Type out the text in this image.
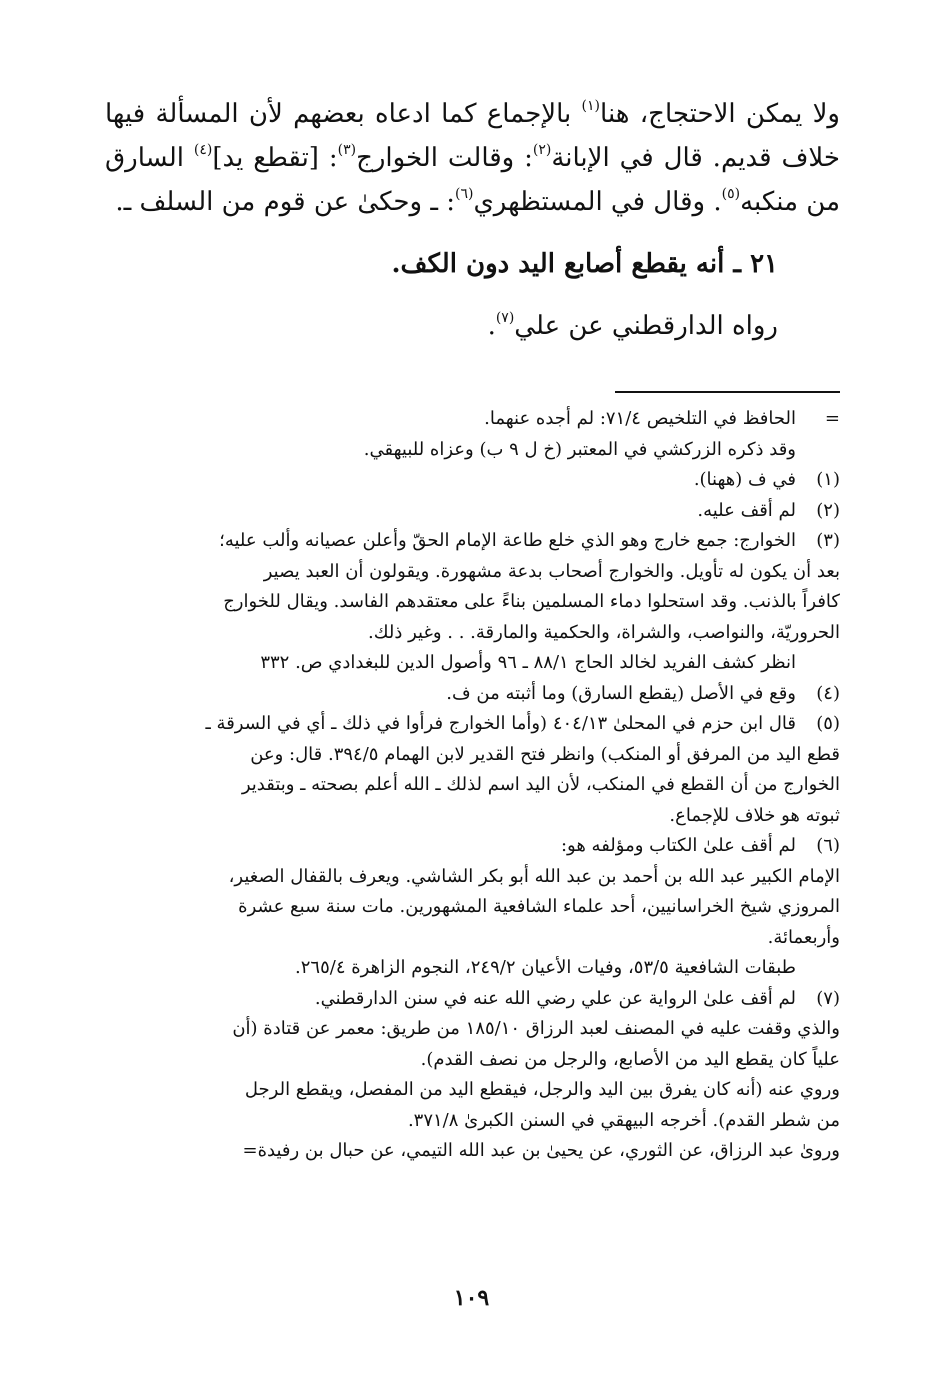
ولا يمكن الاحتجاج، هنا$^{(١)}$ بالإجماع كما ادعاه بعضهم لأن المسألة فيها خلاف قديم. قال في الإبانة$^{(٢)}$: وقالت الخوارج$^{(٣)}$: [تقطع يد]$^{(٤)}$ السارق من منكبه$^{(٥)}$. وقال في المستظهري$^{(٦)}$: ـ وحكىٰ عن قوم من السلف ـ.

٢١ ـ أنه يقطع أصابع اليد دون الكف.

رواه الدارقطني عن علي$^{(٧)}$.

=
الحافظ في التلخيص ٧١/٤: لم أجده عنهما.
وقد ذكره الزركشي في المعتبر (خ ل ٩ ب) وعزاه للبيهقي.
(١)
في ف (ههنا).
(٢)
لم أقف عليه.
(٣)
الخوارج: جمع خارج وهو الذي خلع طاعة الإمام الحقّ وأعلن عصيانه وألب عليه؛
بعد أن يكون له تأويل. والخوارج أصحاب بدعة مشهورة. ويقولون أن العبد يصير
كافراً بالذنب. وقد استحلوا دماء المسلمين بناءً على معتقدهم الفاسد. ويقال للخوارج
الحروريّة، والنواصب، والشراة، والحكمية والمارقة. . . وغير ذلك.
انظر كشف الفريد لخالد الحاج ٨٨/١ ـ ٩٦ وأصول الدين للبغدادي ص. ٣٣٢
(٤)
وقع في الأصل (يقطع السارق) وما أثبته من ف.
(٥)
قال ابن حزم في المحلىٰ ٤٠٤/١٣ (وأما الخوارج فرأوا في ذلك ـ أي في السرقة ـ
قطع اليد من المرفق أو المنكب) وانظر فتح القدير لابن الهمام ٣٩٤/٥. قال: وعن
الخوارج من أن القطع في المنكب، لأن اليد اسم لذلك ـ الله أعلم بصحته ـ وبتقدير
ثبوته هو خلاف للإجماع.
(٦)
لم أقف علىٰ الكتاب ومؤلفه هو:
الإمام الكبير عبد الله بن أحمد بن عبد الله أبو بكر الشاشي. ويعرف بالقفال الصغير،
المروزي شيخ الخراسانيين، أحد علماء الشافعية المشهورين. مات سنة سبع عشرة
وأربعمائة.
طبقات الشافعية ٥٣/٥، وفيات الأعيان ٢٤٩/٢، النجوم الزاهرة ٢٦٥/٤.
(٧)
لم أقف علىٰ الرواية عن علي رضي الله عنه في سنن الدارقطني.
والذي وقفت عليه في المصنف لعبد الرزاق ١٨٥/١٠ من طريق: معمر عن قتادة (أن
علياً كان يقطع اليد من الأصابع، والرجل من نصف القدم).
وروي عنه (أنه كان يفرق بين اليد والرجل، فيقطع اليد من المفصل، ويقطع الرجل
من شطر القدم). أخرجه البيهقي في السنن الكبرىٰ ٣٧١/٨.
وروىٰ عبد الرزاق، عن الثوري، عن يحيىٰ بن عبد الله التيمي، عن حبال بن رفيدة=
١٠٩
